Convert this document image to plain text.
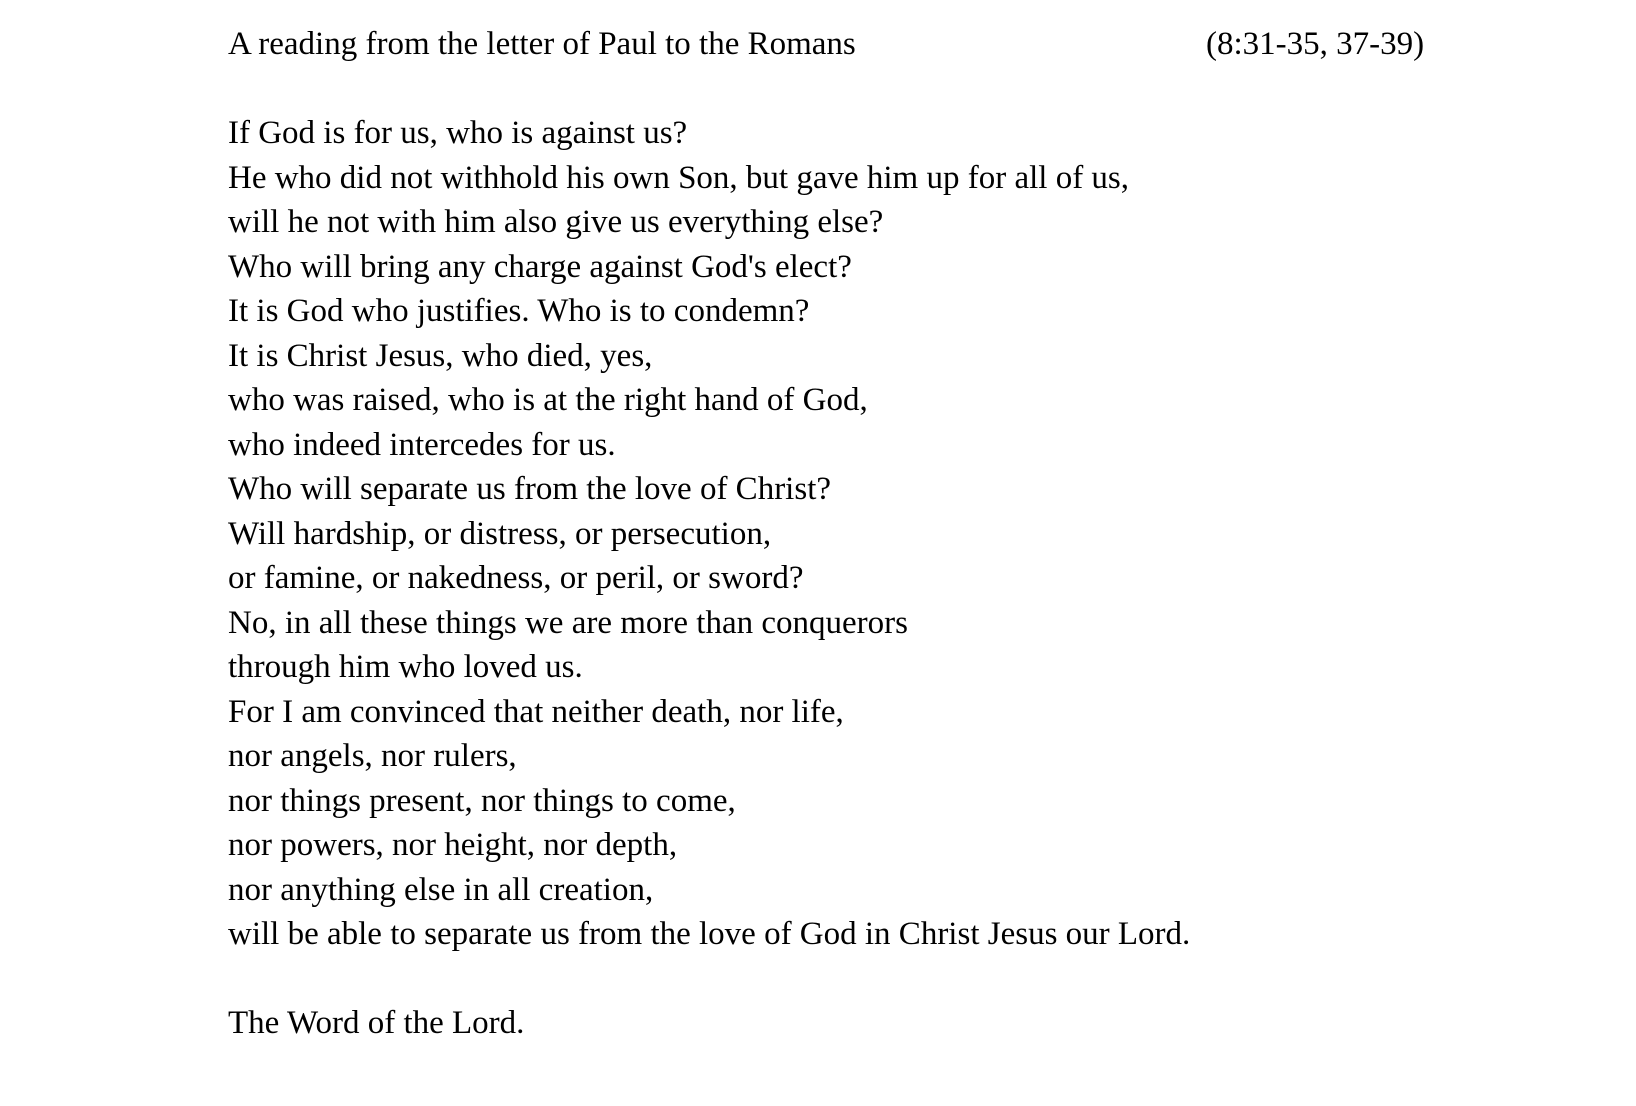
A reading from the letter of Paul to the Romans	(8:31-35, 37-39)
If God is for us, who is against us?
He who did not withhold his own Son, but gave him up for all of us,
will he not with him also give us everything else?
Who will bring any charge against God's elect?
It is God who justifies. Who is to condemn?
It is Christ Jesus, who died, yes,
who was raised, who is at the right hand of God,
who indeed intercedes for us.
Who will separate us from the love of Christ?
Will hardship, or distress, or persecution,
or famine, or nakedness, or peril, or sword?
No, in all these things we are more than conquerors
through him who loved us.
For I am convinced that neither death, nor life,
nor angels, nor rulers,
nor things present, nor things to come,
nor powers, nor height, nor depth,
nor anything else in all creation,
will be able to separate us from the love of God in Christ Jesus our Lord.
The Word of the Lord.
